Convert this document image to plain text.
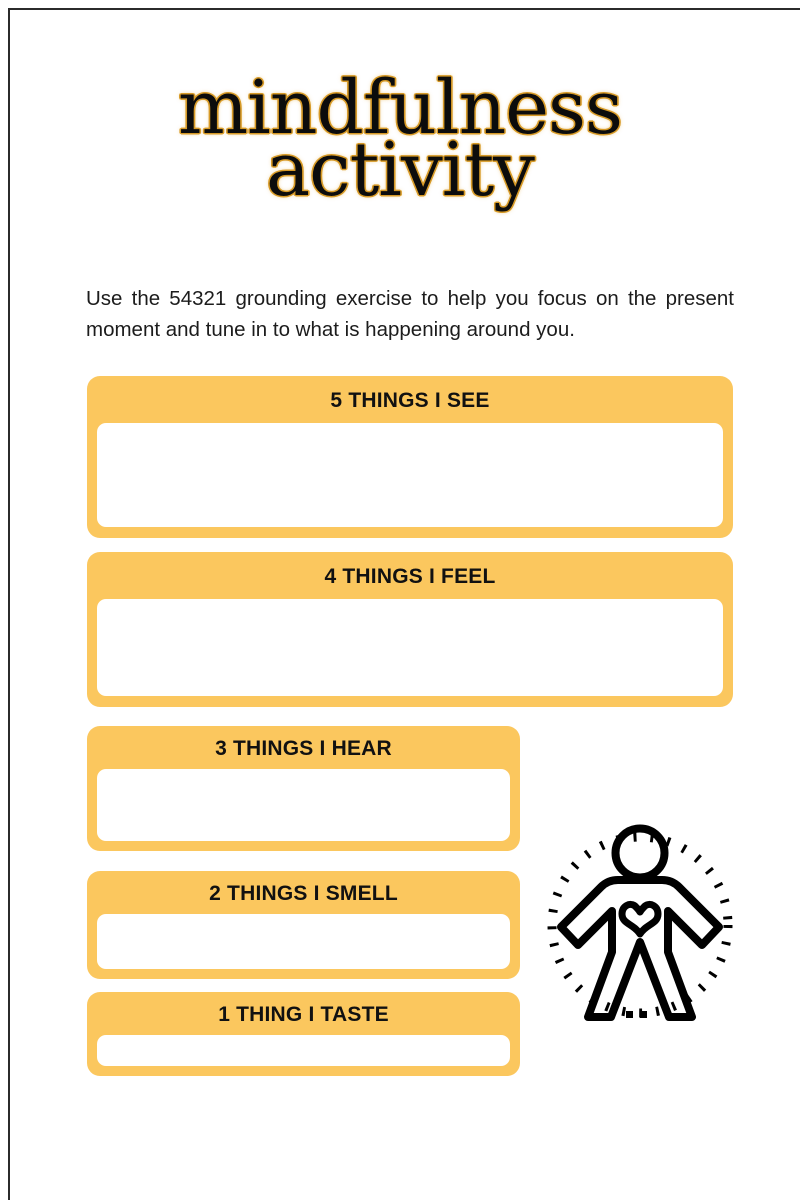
mindfulness
activity

Use the 54321 grounding exercise to help you focus on the present moment and tune in to what is happening around you.

5 THINGS I SEE
4 THINGS I FEEL
3 THINGS I HEAR
2 THINGS I SMELL
1 THING I TASTE
